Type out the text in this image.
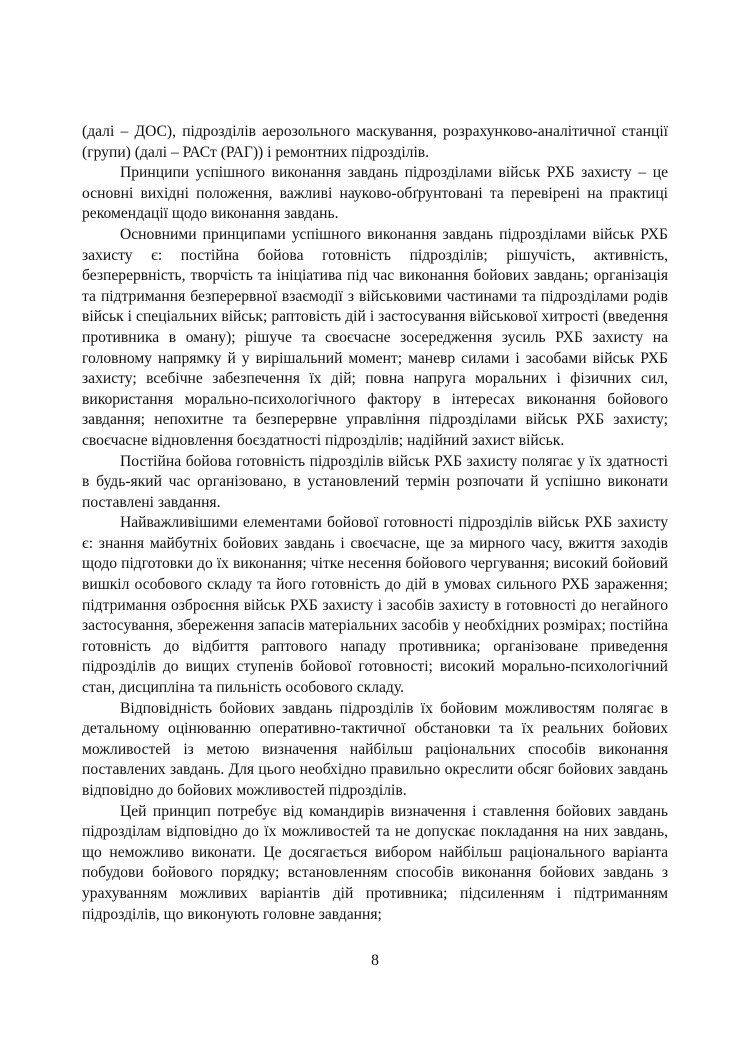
(далі – ДОС), підрозділів аерозольного маскування, розрахунково-аналітичної станції (групи) (далі – РАСт (РАГ)) і ремонтних підрозділів.

Принципи успішного виконання завдань підрозділами військ РХБ захисту – це основні вихідні положення, важливі науково-обґрунтовані та перевірені на практиці рекомендації щодо виконання завдань.

Основними принципами успішного виконання завдань підрозділами військ РХБ захисту є: постійна бойова готовність підрозділів; рішучість, активність, безперервність, творчість та ініціатива під час виконання бойових завдань; організація та підтримання безперервної взаємодії з військовими частинами та підрозділами родів військ і спеціальних військ; раптовість дій і застосування військової хитрості (введення противника в оману); рішуче та своєчасне зосередження зусиль РХБ захисту на головному напрямку й у вирішальний момент; маневр силами і засобами військ РХБ захисту; всебічне забезпечення їх дій; повна напруга моральних і фізичних сил, використання морально-психологічного фактору в інтересах виконання бойового завдання; непохитне та безперервне управління підрозділами військ РХБ захисту; своєчасне відновлення боєздатності підрозділів; надійний захист військ.

Постійна бойова готовність підрозділів військ РХБ захисту полягає у їх здатності в будь-який час організовано, в установлений термін розпочати й успішно виконати поставлені завдання.

Найважливішими елементами бойової готовності підрозділів військ РХБ захисту є: знання майбутніх бойових завдань і своєчасне, ще за мирного часу, вжиття заходів щодо підготовки до їх виконання; чітке несення бойового чергування; високий бойовий вишкіл особового складу та його готовність до дій в умовах сильного РХБ зараження; підтримання озброєння військ РХБ захисту і засобів захисту в готовності до негайного застосування, збереження запасів матеріальних засобів у необхідних розмірах; постійна готовність до відбиття раптового нападу противника; організоване приведення підрозділів до вищих ступенів бойової готовності; високий морально-психологічний стан, дисципліна та пильність особового складу.

Відповідність бойових завдань підрозділів їх бойовим можливостям полягає в детальному оцінюванню оперативно-тактичної обстановки та їх реальних бойових можливостей із метою визначення найбільш раціональних способів виконання поставлених завдань. Для цього необхідно правильно окреслити обсяг бойових завдань відповідно до бойових можливостей підрозділів.

Цей принцип потребує від командирів визначення і ставлення бойових завдань підрозділам відповідно до їх можливостей та не допускає покладання на них завдань, що неможливо виконати. Це досягається вибором найбільш раціонального варіанта побудови бойового порядку; встановленням способів виконання бойових завдань з урахуванням можливих варіантів дій противника; підсиленням і підтриманням підрозділів, що виконують головне завдання;

8
